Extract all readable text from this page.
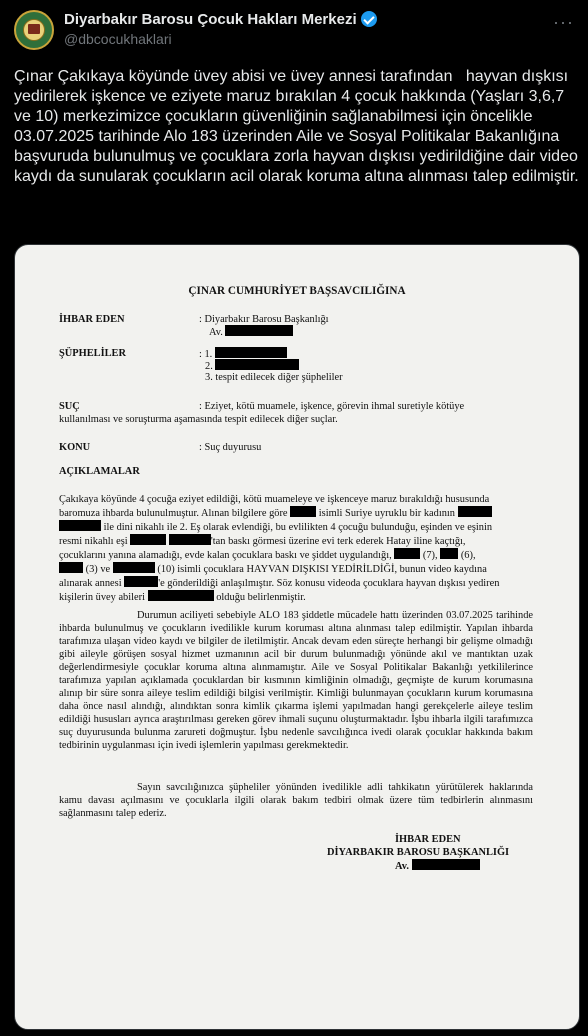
Diyarbakır Barosu Çocuk Hakları Merkezi
@dbcocukhaklari
···
Çınar Çakıkaya köyünde üvey abisi ve üvey annesi tarafından   hayvan dışkısı yedirilerek işkence ve eziyete maruz bırakılan 4 çocuk hakkında (Yaşları 3,6,7 ve 10) merkezimizce çocukların güvenliğinin sağlanabilmesi için öncelikle 03.07.2025 tarihinde Alo 183 üzerinden Aile ve Sosyal Politikalar Bakanlığına başvuruda bulunulmuş ve çocuklara zorla hayvan dışkısı yedirildiğine dair video kaydı da sunularak çocukların acil olarak koruma altına alınması talep edilmiştir.
ÇINAR CUMHURİYET BAŞSAVCILIĞINA
İHBAR EDEN	: Diyarbakır Barosu Başkanlığı
Av.
ŞÜPHELİLER	: 1.
2.
3. tespit edilecek diğer şüpheliler
SUÇ	: Eziyet, kötü muamele, işkence, görevin ihmal suretiyle kötüye
kullanılması ve soruşturma aşamasında tespit edilecek diğer suçlar.
KONU	: Suç duyurusu
AÇIKLAMALAR
Çakıkaya köyünde 4 çocuğa eziyet edildiği, kötü muameleye ve işkenceye maruz bırakıldığı hususunda
baromuza ihbarda bulunulmuştur. Alınan bilgilere göre	isimli Suriye uyruklu bir kadının
ile dini nikahlı ile 2. Eş olarak evlendiği, bu evlilikten 4 çocuğu bulunduğu, eşinden ve eşinin
resmi nikahlı eşi	'tan baskı görmesi üzerine evi terk ederek Hatay iline kaçtığı,
çocuklarını yanına alamadığı, evde kalan çocuklara baskı ve şiddet uygulandığı,	(7), (6),
(3) ve	(10) isimli çocuklara HAYVAN DIŞKISI YEDİRİLDİĞİ, bunun video kaydına
alınarak annesi	'e gönderildiği anlaşılmıştır. Söz konusu videoda çocuklara hayvan dışkısı yediren
kişilerin üvey abileri	olduğu belirlenmiştir.
Durumun aciliyeti sebebiyle ALO 183 şiddetle mücadele hattı üzerinden 03.07.2025 tarihinde ihbarda bulunulmuş ve çocukların ivedilikle kurum koruması altına alınması talep edilmiştir. Yapılan ihbarda tarafımıza ulaşan video kaydı ve bilgiler de iletilmiştir. Ancak devam eden süreçte herhangi bir gelişme olmadığı gibi aileyle görüşen sosyal hizmet uzmanının acil bir durum bulunmadığı yönünde akıl ve mantıktan uzak değerlendirmesiyle çocuklar koruma altına alınmamıştır. Aile ve Sosyal Politikalar Bakanlığı yetkililerince tarafımıza yapılan açıklamada çocuklardan bir kısmının kimliğinin olmadığı, geçmişte de kurum korumasına alınıp bir süre sonra aileye teslim edildiği bilgisi verilmiştir. Kimliği bulunmayan çocukların kurum korumasına daha önce nasıl alındığı, alındıktan sonra kimlik çıkarma işlemi yapılmadan hangi gerekçelerle aileye teslim edildiği hususları ayrıca araştırılması gereken görev ihmali suçunu oluşturmaktadır. İşbu ihbarla ilgili tarafımızca suç duyurusunda bulunma zarureti doğmuştur. İşbu nedenle savcılığınca ivedi olarak çocuklar hakkında bakım tedbirinin uygulanması için ivedi işlemlerin yapılması gerekmektedir.
Sayın savcılığınızca şüpheliler yönünden ivedilikle adli tahkikatın yürütülerek haklarında kamu davası açılmasını ve çocuklarla ilgili olarak bakım tedbiri olmak üzere tüm tedbirlerin alınmasını sağlanmasını talep ederiz.
İHBAR EDEN
DİYARBAKIR BAROSU BAŞKANLIĞI
Av.
